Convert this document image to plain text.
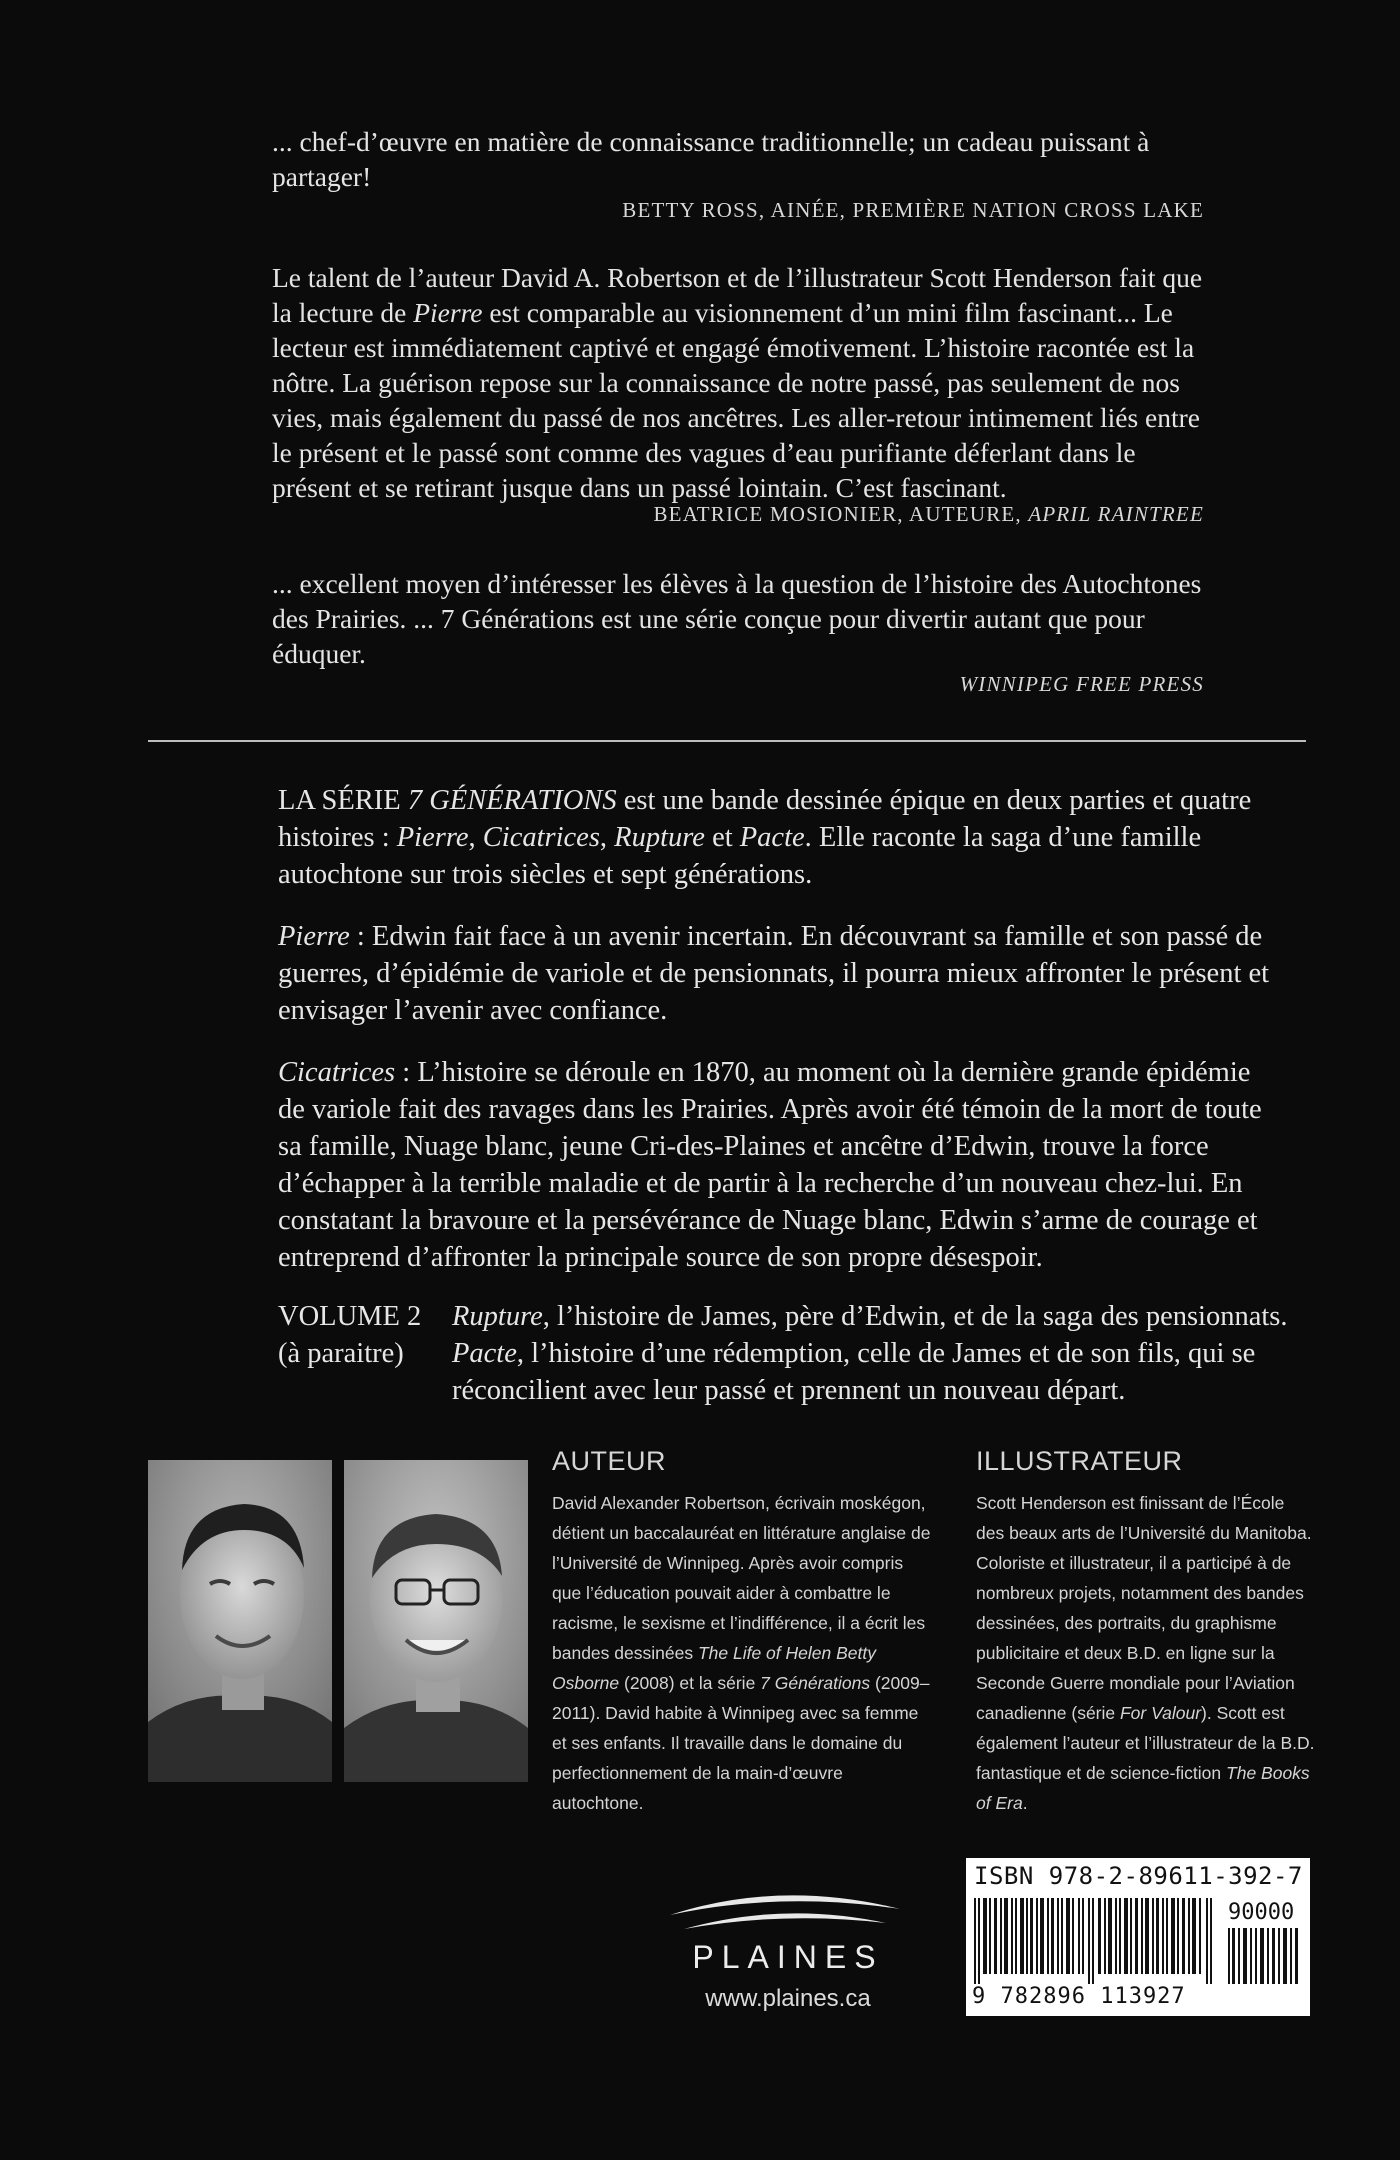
... chef-d’œuvre en matière de connaissance traditionnelle; un cadeau puissant à partager!
BETTY ROSS, AINÉE, PREMIÈRE NATION CROSS LAKE
Le talent de l’auteur David A. Robertson et de l’illustrateur Scott Henderson fait que la lecture de Pierre est comparable au visionnement d’un mini film fascinant... Le lecteur est immédiatement captivé et engagé émotivement. L’histoire racontée est la nôtre. La guérison repose sur la connaissance de notre passé, pas seulement de nos vies, mais également du passé de nos ancêtres. Les aller-retour intimement liés entre le présent et le passé sont comme des vagues d’eau purifiante déferlant dans le présent et se retirant jusque dans un passé lointain. C’est fascinant.
BEATRICE MOSIONIER, AUTEURE, APRIL RAINTREE
... excellent moyen d’intéresser les élèves à la question de l’histoire des Autochtones des Prairies. ... 7 Générations est une série conçue pour divertir autant que pour éduquer.
WINNIPEG FREE PRESS
LA SÉRIE 7 GÉNÉRATIONS est une bande dessinée épique en deux parties et quatre histoires : Pierre, Cicatrices, Rupture et Pacte. Elle raconte la saga d’une famille autochtone sur trois siècles et sept générations.
Pierre : Edwin fait face à un avenir incertain. En découvrant sa famille et son passé de guerres, d’épidémie de variole et de pensionnats, il pourra mieux affronter le présent et envisager l’avenir avec confiance.
Cicatrices : L’histoire se déroule en 1870, au moment où la dernière grande épidémie de variole fait des ravages dans les Prairies. Après avoir été témoin de la mort de toute sa famille, Nuage blanc, jeune Cri-des-Plaines et ancêtre d’Edwin, trouve la force d’échapper à la terrible maladie et de partir à la recherche d’un nouveau chez-lui. En constatant la bravoure et la persévérance de Nuage blanc, Edwin s’arme de courage et entreprend d’affronter la principale source de son propre désespoir.
VOLUME 2
(à paraitre)
Rupture, l’histoire de James, père d’Edwin, et de la saga des pensionnats.
Pacte, l’histoire d’une rédemption, celle de James et de son fils, qui se réconcilient avec leur passé et prennent un nouveau départ.
AUTEUR
David Alexander Robertson, écrivain moskégon, détient un baccalauréat en littérature anglaise de l’Université de Winnipeg. Après avoir compris que l’éducation pouvait aider à combattre le racisme, le sexisme et l’indifférence, il a écrit les bandes dessinées The Life of Helen Betty Osborne (2008) et la série 7 Générations (2009–2011). David habite à Winnipeg avec sa femme et ses enfants. Il travaille dans le domaine du perfectionnement de la main-d’œuvre autochtone.
ILLUSTRATEUR
Scott Henderson est finissant de l’École des beaux arts de l’Université du Manitoba. Coloriste et illustrateur, il a participé à de nombreux projets, notamment des bandes dessinées, des portraits, du graphisme publicitaire et deux B.D. en ligne sur la Seconde Guerre mondiale pour l’Aviation canadienne (série For Valour). Scott est également l’auteur et l’illustrateur de la B.D. fantastique et de science-fiction The Books of Era.
PLAINES
www.plaines.ca
ISBN 978-2-89611-392-7
90000
9 782896 113927
